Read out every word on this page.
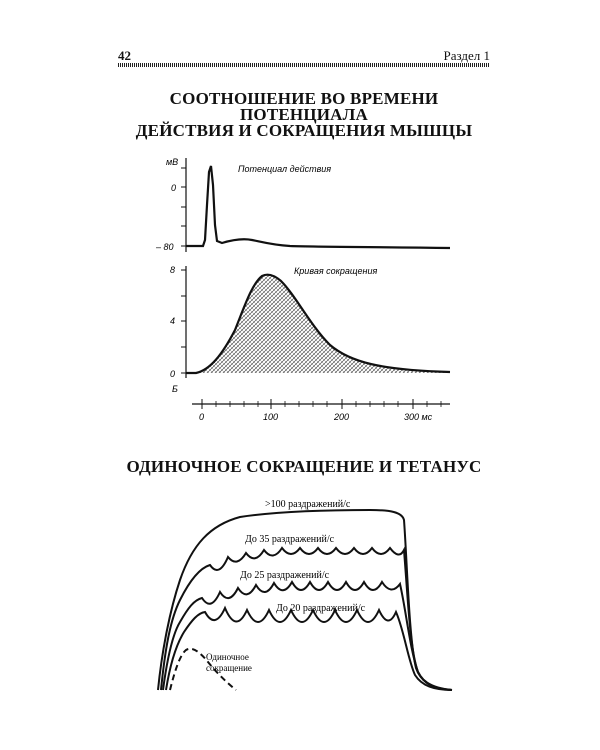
42	Раздел 1
СООТНОШЕНИЕ ВО ВРЕМЕНИ
ПОТЕНЦИАЛА
ДЕЙСТВИЯ И СОКРАЩЕНИЯ МЫШЦЫ
мВ
0
– 80
Потенциал действия
8
4
0
Кривая сокращения
Б
0	100	200	300 мс
>100 раздражений/с
До 35 раздражений/с
До 25 раздражений/с
До 20 раздражений/с
Одиночное
сокращение
ОДИНОЧНОЕ СОКРАЩЕНИЕ И ТЕТАНУС
